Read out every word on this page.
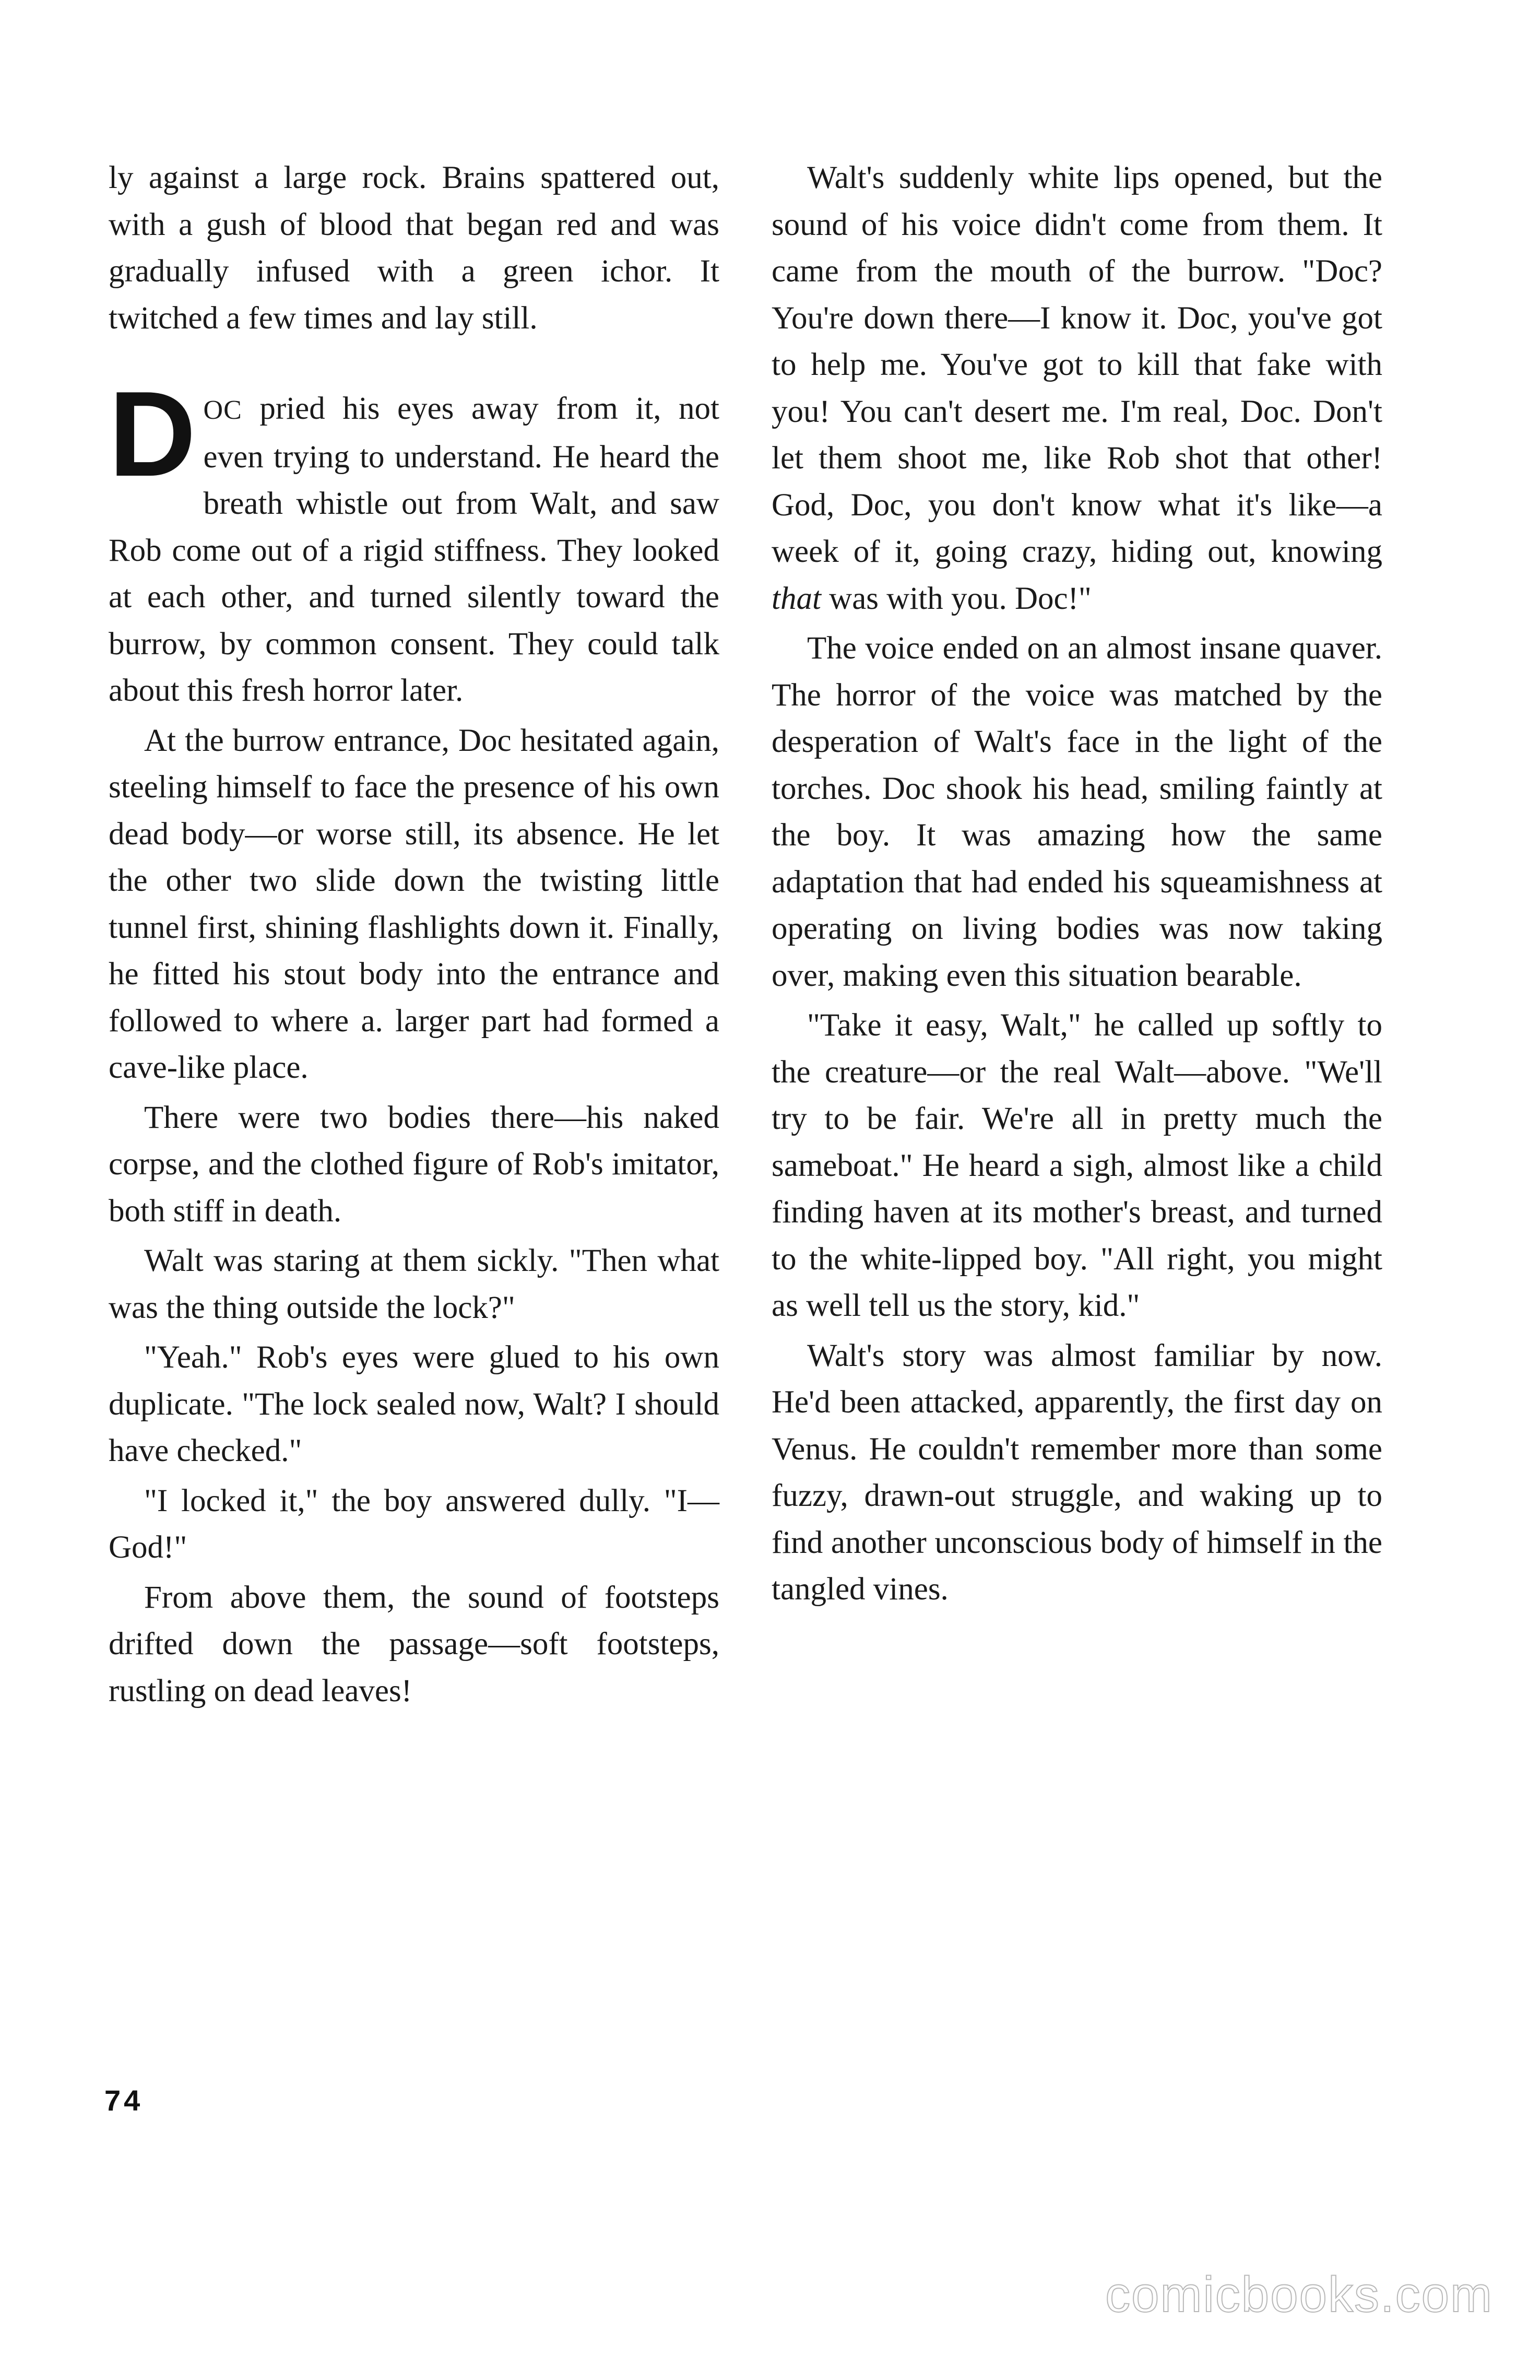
ly against a large rock. Brains spattered out, with a gush of blood that began red and was gradually infused with a green ichor. It twitched a few times and lay still.

DOC pried his eyes away from it, not even trying to understand. He heard the breath whistle out from Walt, and saw Rob come out of a rigid stiffness. They looked at each other, and turned silently toward the burrow, by common consent. They could talk about this fresh horror later.

At the burrow entrance, Doc hesitated again, steeling himself to face the presence of his own dead body—or worse still, its absence. He let the other two slide down the twisting little tunnel first, shining flashlights down it. Finally, he fitted his stout body into the entrance and followed to where a. larger part had formed a cave-like place.

There were two bodies there—his naked corpse, and the clothed figure of Rob's imitator, both stiff in death.

Walt was staring at them sickly. "Then what was the thing outside the lock?"

"Yeah." Rob's eyes were glued to his own duplicate. "The lock sealed now, Walt? I should have checked."

"I locked it," the boy answered dully. "I—God!"

From above them, the sound of footsteps drifted down the passage—soft footsteps, rustling on dead leaves!

Walt's suddenly white lips opened, but the sound of his voice didn't come from them. It came from the mouth of the burrow. "Doc? You're down there—I know it. Doc, you've got to help me. You've got to kill that fake with you! You can't desert me. I'm real, Doc. Don't let them shoot me, like Rob shot that other! God, Doc, you don't know what it's like—a week of it, going crazy, hiding out, knowing that was with you. Doc!"

The voice ended on an almost insane quaver. The horror of the voice was matched by the desperation of Walt's face in the light of the torches. Doc shook his head, smiling faintly at the boy. It was amazing how the same adaptation that had ended his squeamishness at operating on living bodies was now taking over, making even this situation bearable.

"Take it easy, Walt," he called up softly to the creature—or the real Walt—above. "We'll try to be fair. We're all in pretty much the sameboat." He heard a sigh, almost like a child finding haven at its mother's breast, and turned to the white-lipped boy. "All right, you might as well tell us the story, kid."

Walt's story was almost familiar by now. He'd been attacked, apparently, the first day on Venus. He couldn't remember more than some fuzzy, drawn-out struggle, and waking up to find another unconscious body of himself in the tangled vines.

74
comicbooks.com
